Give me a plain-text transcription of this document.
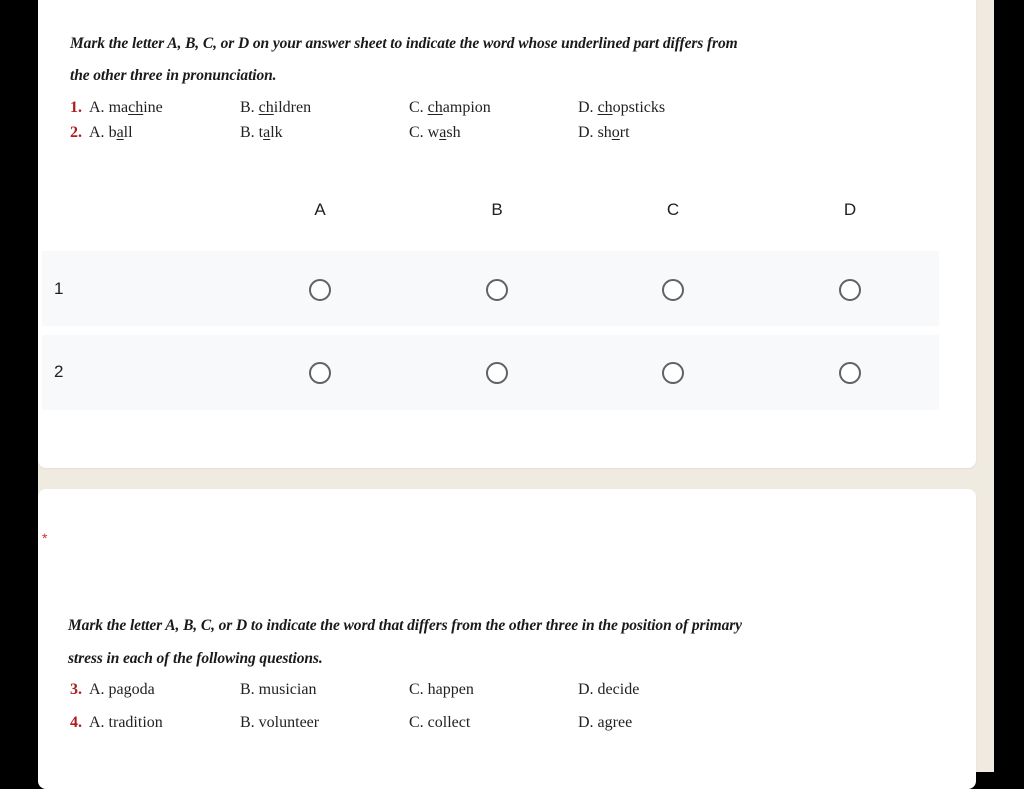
Mark the letter A, B, C, or D on your answer sheet to indicate the word whose underlined part differs from
the other three in pronunciation.
1. A. machine	B. children	C. champion	D. chopsticks
2. A. ball	B. talk	C. wash	D. short
A	B	C	D
1
2
*
Mark the letter A, B, C, or D to indicate the word that differs from the other three in the position of primary
stress in each of the following questions.
3. A. pagoda	B. musician	C. happen	D. decide
4. A. tradition	B. volunteer	C. collect	D. agree
